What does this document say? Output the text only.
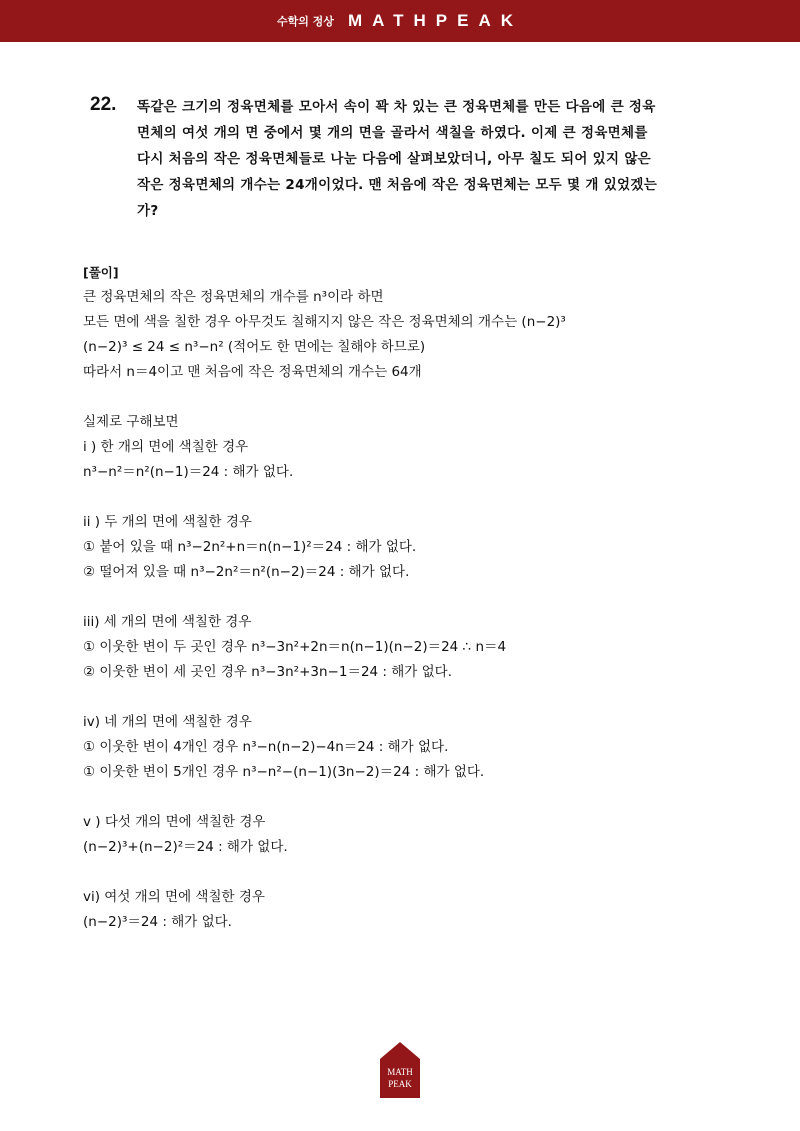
수학의 정상 MATHPEAK
22. 똑같은 크기의 정육면체를 모아서 속이 꽉 차 있는 큰 정육면체를 만든 다음에 큰 정육
면체의 여섯 개의 면 중에서 몇 개의 면을 골라서 색칠을 하였다. 이제 큰 정육면체를
다시 처음의 작은 정육면체들로 나눈 다음에 살펴보았더니, 아무 칠도 되어 있지 않은
작은 정육면체의 개수는 24개이었다. 맨 처음에 작은 정육면체는 모두 몇 개 있었겠는
가?
[풀이]
큰 정육면체의 작은 정육면체의 개수를 n³이라 하면
모든 면에 색을 칠한 경우 아무것도 칠해지지 않은 작은 정육면체의 개수는 (n−2)³
(n−2)³ ≤ 24 ≤ n³−n² (적어도 한 면에는 칠해야 하므로)
따라서 n＝4이고 맨 처음에 작은 정육면체의 개수는 64개
실제로 구해보면
i ) 한 개의 면에 색칠한 경우
n³−n²＝n²(n−1)＝24 : 해가 없다.
ii ) 두 개의 면에 색칠한 경우
① 붙어 있을 때 n³−2n²+n＝n(n−1)²＝24 : 해가 없다.
② 떨어져 있을 때 n³−2n²＝n²(n−2)＝24 : 해가 없다.
iii) 세 개의 면에 색칠한 경우
① 이웃한 변이 두 곳인 경우 n³−3n²+2n＝n(n−1)(n−2)＝24 ∴ n＝4
② 이웃한 변이 세 곳인 경우 n³−3n²+3n−1＝24 : 해가 없다.
iv) 네 개의 면에 색칠한 경우
① 이웃한 변이 4개인 경우 n³−n(n−2)−4n＝24 : 해가 없다.
① 이웃한 변이 5개인 경우 n³−n²−(n−1)(3n−2)＝24 : 해가 없다.
v ) 다섯 개의 면에 색칠한 경우
(n−2)³+(n−2)²＝24 : 해가 없다.
vi) 여섯 개의 면에 색칠한 경우
(n−2)³＝24 : 해가 없다.
MATH
PEAK
